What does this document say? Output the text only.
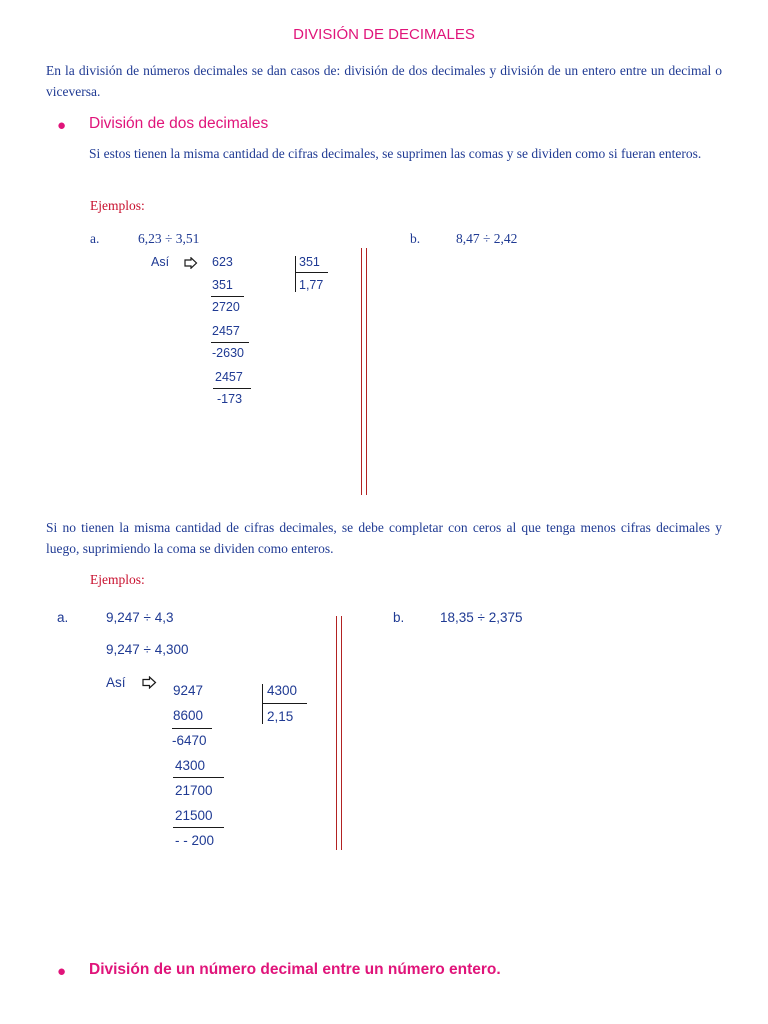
DIVISIÓN DE DECIMALES
En la división de números decimales se dan casos de: división de dos decimales y división de un entero entre un decimal o viceversa.
● División de dos decimales
Si estos tienen la misma cantidad de cifras decimales, se suprimen las comas y se dividen como si fueran enteros.
Ejemplos:
a.	6,23 ÷ 3,51	b.	8,47 ÷ 2,42
Así	623	351
1,77
351
2720
2457
-2630
2457
-173
Si no tienen la misma cantidad de cifras decimales, se debe completar con ceros al que tenga menos cifras decimales y luego, suprimiendo la coma se dividen como enteros.
Ejemplos:
a.	9,247 ÷ 4,3
9,247 ÷ 4,300
b.	18,35 ÷ 2,375
Así
9247	4300
2,15
8600
-6470
4300
21700
21500
- - 200
● División de un número decimal entre un número entero.
